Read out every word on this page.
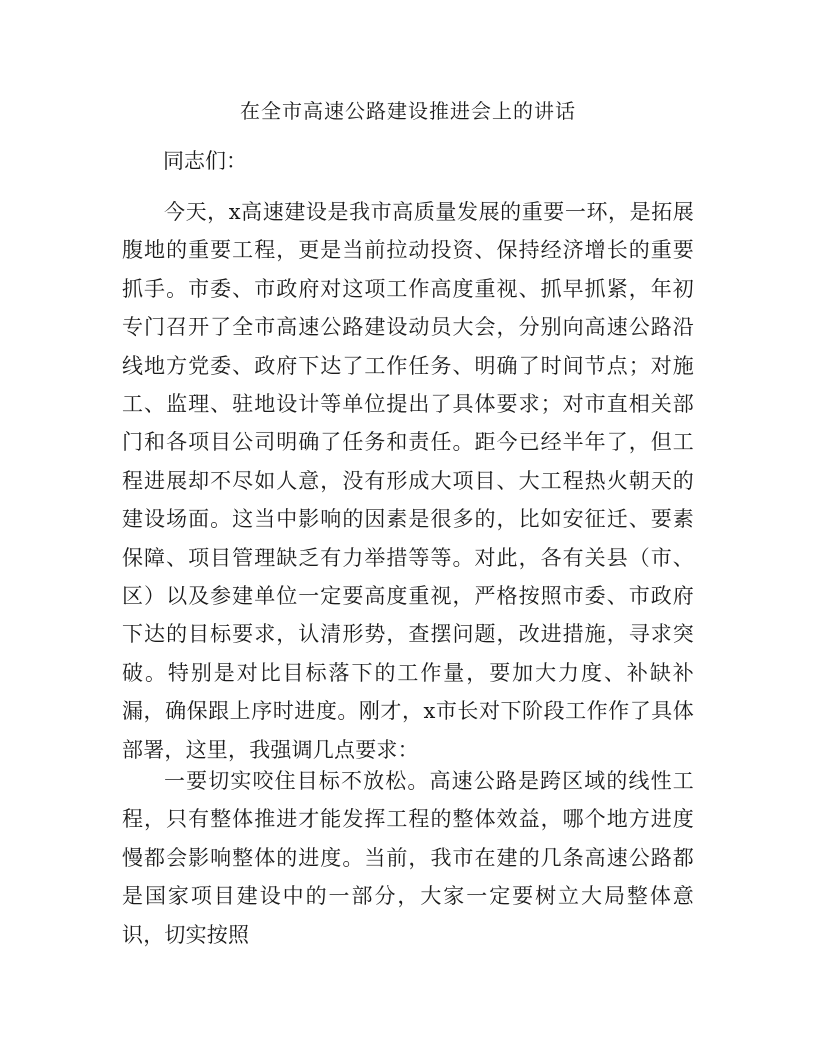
在全市高速公路建设推进会上的讲话

同志们：

今天，x高速建设是我市高质量发展的重要一环，是拓展腹地的重要工程，更是当前拉动投资、保持经济增长的重要抓手。市委、市政府对这项工作高度重视、抓早抓紧，年初专门召开了全市高速公路建设动员大会，分别向高速公路沿线地方党委、政府下达了工作任务、明确了时间节点；对施工、监理、驻地设计等单位提出了具体要求；对市直相关部门和各项目公司明确了任务和责任。距今已经半年了，但工程进展却不尽如人意，没有形成大项目、大工程热火朝天的建设场面。这当中影响的因素是很多的，比如安征迁、要素保障、项目管理缺乏有力举措等等。对此，各有关县（市、区）以及参建单位一定要高度重视，严格按照市委、市政府下达的目标要求，认清形势，查摆问题，改进措施，寻求突破。特别是对比目标落下的工作量，要加大力度、补缺补漏，确保跟上序时进度。刚才，x市长对下阶段工作作了具体部署，这里，我强调几点要求：

一要切实咬住目标不放松。高速公路是跨区域的线性工程，只有整体推进才能发挥工程的整体效益，哪个地方进度慢都会影响整体的进度。当前，我市在建的几条高速公路都是国家项目建设中的一部分，大家一定要树立大局整体意识，切实按照
